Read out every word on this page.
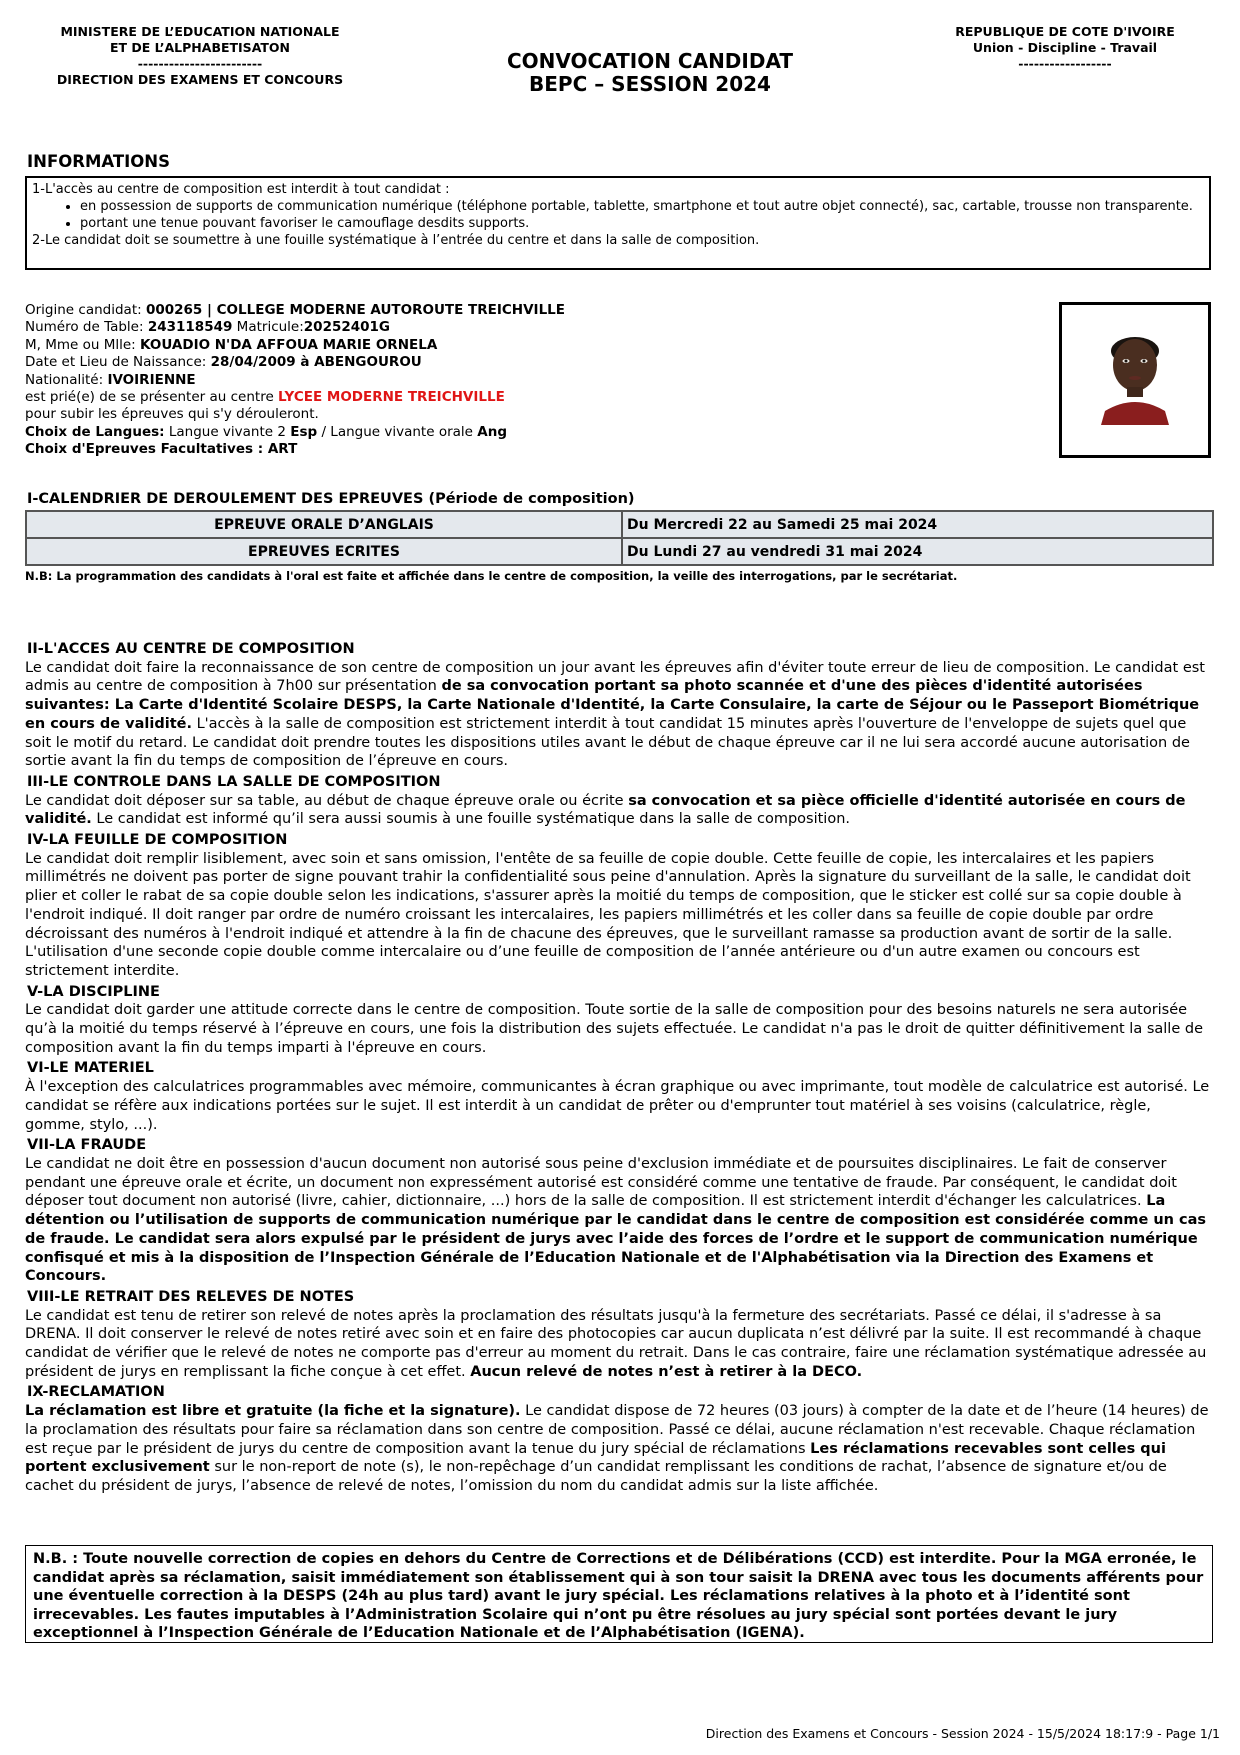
MINISTERE DE L’EDUCATION NATIONALE
ET DE L’ALPHABETISATON
------------------------
DIRECTION DES EXAMENS ET CONCOURS
CONVOCATION CANDIDAT
BEPC – SESSION 2024
REPUBLIQUE DE COTE D'IVOIRE
Union - Discipline - Travail
------------------
INFORMATIONS
1-L'accès au centre de composition est interdit à tout candidat :
• en possession de supports de communication numérique (téléphone portable, tablette, smartphone et tout autre objet connecté), sac, cartable, trousse non transparente.
• portant une tenue pouvant favoriser le camouflage desdits supports.
2-Le candidat doit se soumettre à une fouille systématique à l’entrée du centre et dans la salle de composition.
Origine candidat: 000265 | COLLEGE MODERNE AUTOROUTE TREICHVILLE
Numéro de Table: 243118549 Matricule:20252401G
M, Mme ou Mlle: KOUADIO N'DA AFFOUA MARIE ORNELA
Date et Lieu de Naissance: 28/04/2009 à ABENGOUROU
Nationalité: IVOIRIENNE
est prié(e) de se présenter au centre LYCEE MODERNE TREICHVILLE
pour subir les épreuves qui s'y dérouleront.
Choix de Langues: Langue vivante 2 Esp / Langue vivante orale Ang
Choix d'Epreuves Facultatives : ART
I-CALENDRIER DE DEROULEMENT DES EPREUVES (Période de composition)
EPREUVE ORALE D’ANGLAIS	Du Mercredi 22 au Samedi 25 mai 2024
EPREUVES ECRITES	Du Lundi 27 au vendredi 31 mai 2024
N.B: La programmation des candidats à l'oral est faite et affichée dans le centre de composition, la veille des interrogations, par le secrétariat.
II-L'ACCES AU CENTRE DE COMPOSITION

Le candidat doit faire la reconnaissance de son centre de composition un jour avant les épreuves afin d'éviter toute erreur de lieu de composition. Le candidat est admis au centre de composition à 7h00 sur présentation de sa convocation portant sa photo scannée et d'une des pièces d'identité autorisées suivantes: La Carte d'Identité Scolaire DESPS, la Carte Nationale d'Identité, la Carte Consulaire, la carte de Séjour ou le Passeport Biométrique en cours de validité. L'accès à la salle de composition est strictement interdit à tout candidat 15 minutes après l'ouverture de l'enveloppe de sujets quel que soit le motif du retard. Le candidat doit prendre toutes les dispositions utiles avant le début de chaque épreuve car il ne lui sera accordé aucune autorisation de sortie avant la fin du temps de composition de l’épreuve en cours.

III-LE CONTROLE DANS LA SALLE DE COMPOSITION

Le candidat doit déposer sur sa table, au début de chaque épreuve orale ou écrite sa convocation et sa pièce officielle d'identité autorisée en cours de validité. Le candidat est informé qu’il sera aussi soumis à une fouille systématique dans la salle de composition.

IV-LA FEUILLE DE COMPOSITION

Le candidat doit remplir lisiblement, avec soin et sans omission, l'entête de sa feuille de copie double. Cette feuille de copie, les intercalaires et les papiers millimétrés ne doivent pas porter de signe pouvant trahir la confidentialité sous peine d'annulation. Après la signature du surveillant de la salle, le candidat doit plier et coller le rabat de sa copie double selon les indications, s'assurer après la moitié du temps de composition, que le sticker est collé sur sa copie double à l'endroit indiqué. Il doit ranger par ordre de numéro croissant les intercalaires, les papiers millimétrés et les coller dans sa feuille de copie double par ordre décroissant des numéros à l'endroit indiqué et attendre à la fin de chacune des épreuves, que le surveillant ramasse sa production avant de sortir de la salle. L'utilisation d'une seconde copie double comme intercalaire ou d’une feuille de composition de l’année antérieure ou d'un autre examen ou concours est strictement interdite.

V-LA DISCIPLINE

Le candidat doit garder une attitude correcte dans le centre de composition. Toute sortie de la salle de composition pour des besoins naturels ne sera autorisée qu’à la moitié du temps réservé à l’épreuve en cours, une fois la distribution des sujets effectuée. Le candidat n'a pas le droit de quitter définitivement la salle de composition avant la fin du temps imparti à l'épreuve en cours.

VI-LE MATERIEL

À l'exception des calculatrices programmables avec mémoire, communicantes à écran graphique ou avec imprimante, tout modèle de calculatrice est autorisé. Le candidat se réfère aux indications portées sur le sujet. Il est interdit à un candidat de prêter ou d'emprunter tout matériel à ses voisins (calculatrice, règle, gomme, stylo, ...).

VII-LA FRAUDE

Le candidat ne doit être en possession d'aucun document non autorisé sous peine d'exclusion immédiate et de poursuites disciplinaires. Le fait de conserver pendant une épreuve orale et écrite, un document non expressément autorisé est considéré comme une tentative de fraude. Par conséquent, le candidat doit déposer tout document non autorisé (livre, cahier, dictionnaire, ...) hors de la salle de composition. Il est strictement interdit d'échanger les calculatrices. La détention ou l’utilisation de supports de communication numérique par le candidat dans le centre de composition est considérée comme un cas de fraude. Le candidat sera alors expulsé par le président de jurys avec l’aide des forces de l’ordre et le support de communication numérique confisqué et mis à la disposition de l’Inspection Générale de l’Education Nationale et de l'Alphabétisation via la Direction des Examens et Concours.

VIII-LE RETRAIT DES RELEVES DE NOTES

Le candidat est tenu de retirer son relevé de notes après la proclamation des résultats jusqu'à la fermeture des secrétariats. Passé ce délai, il s'adresse à sa DRENA. Il doit conserver le relevé de notes retiré avec soin et en faire des photocopies car aucun duplicata n’est délivré par la suite. Il est recommandé à chaque candidat de vérifier que le relevé de notes ne comporte pas d'erreur au moment du retrait. Dans le cas contraire, faire une réclamation systématique adressée au président de jurys en remplissant la fiche conçue à cet effet. Aucun relevé de notes n’est à retirer à la DECO.

IX-RECLAMATION

La réclamation est libre et gratuite (la fiche et la signature). Le candidat dispose de 72 heures (03 jours) à compter de la date et de l’heure (14 heures) de la proclamation des résultats pour faire sa réclamation dans son centre de composition. Passé ce délai, aucune réclamation n'est recevable. Chaque réclamation est reçue par le président de jurys du centre de composition avant la tenue du jury spécial de réclamations Les réclamations recevables sont celles qui portent exclusivement sur le non-report de note (s), le non-repêchage d’un candidat remplissant les conditions de rachat, l’absence de signature et/ou de cachet du président de jurys, l’absence de relevé de notes, l’omission du nom du candidat admis sur la liste affichée.

N.B. : Toute nouvelle correction de copies en dehors du Centre de Corrections et de Délibérations (CCD) est interdite. Pour la MGA erronée, le candidat après sa réclamation, saisit immédiatement son établissement qui à son tour saisit la DRENA avec tous les documents afférents pour une éventuelle correction à la DESPS (24h au plus tard) avant le jury spécial. Les réclamations relatives à la photo et à l’identité sont irrecevables. Les fautes imputables à l’Administration Scolaire qui n’ont pu être résolues au jury spécial sont portées devant le jury exceptionnel à l’Inspection Générale de l’Education Nationale et de l’Alphabétisation (IGENA).
Direction des Examens et Concours - Session 2024 - 15/5/2024 18:17:9 - Page 1/1
